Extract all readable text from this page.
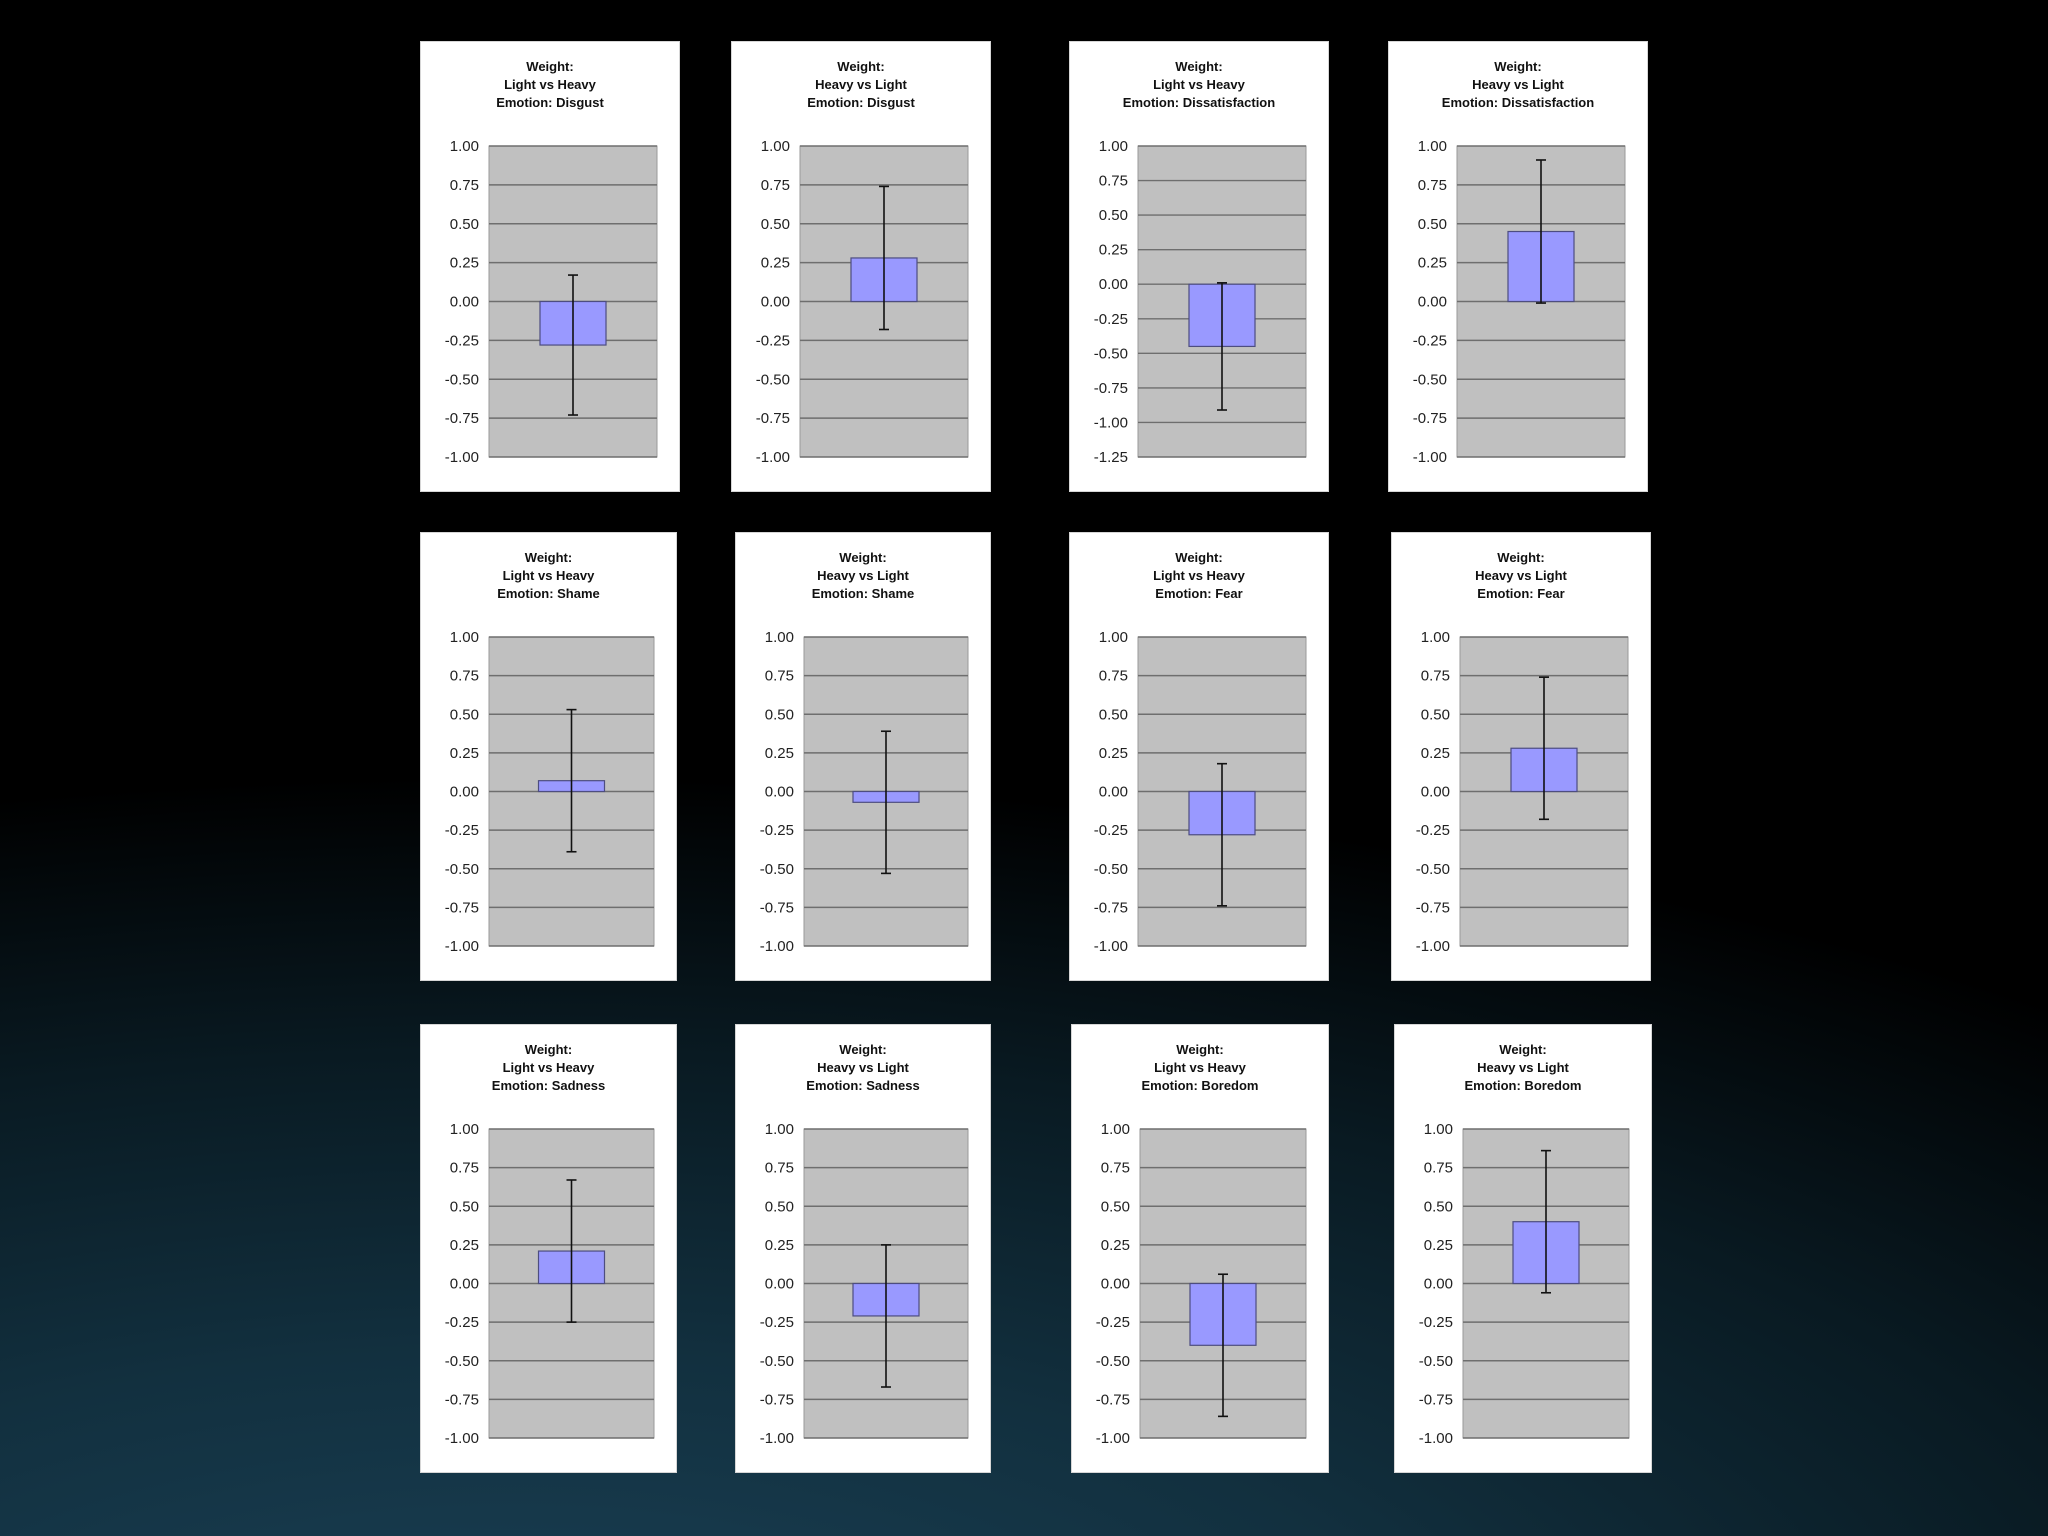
Weight:
Light vs Heavy
Emotion: Disgust
1.00
0.75
0.50
0.25
0.00
-0.25
-0.50
-0.75
-1.00
Weight:
Heavy vs Light
Emotion: Disgust
1.00
0.75
0.50
0.25
0.00
-0.25
-0.50
-0.75
-1.00
Weight:
Light vs Heavy
Emotion: Dissatisfaction
1.00
0.75
0.50
0.25
0.00
-0.25
-0.50
-0.75
-1.00
-1.25
Weight:
Heavy vs Light
Emotion: Dissatisfaction
1.00
0.75
0.50
0.25
0.00
-0.25
-0.50
-0.75
-1.00
Weight:
Light vs Heavy
Emotion: Shame
1.00
0.75
0.50
0.25
0.00
-0.25
-0.50
-0.75
-1.00
Weight:
Heavy vs Light
Emotion: Shame
1.00
0.75
0.50
0.25
0.00
-0.25
-0.50
-0.75
-1.00
Weight:
Light vs Heavy
Emotion: Fear
1.00
0.75
0.50
0.25
0.00
-0.25
-0.50
-0.75
-1.00
Weight:
Heavy vs Light
Emotion: Fear
1.00
0.75
0.50
0.25
0.00
-0.25
-0.50
-0.75
-1.00
Weight:
Light vs Heavy
Emotion: Sadness
1.00
0.75
0.50
0.25
0.00
-0.25
-0.50
-0.75
-1.00
Weight:
Heavy vs Light
Emotion: Sadness
1.00
0.75
0.50
0.25
0.00
-0.25
-0.50
-0.75
-1.00
Weight:
Light vs Heavy
Emotion: Boredom
1.00
0.75
0.50
0.25
0.00
-0.25
-0.50
-0.75
-1.00
Weight:
Heavy vs Light
Emotion: Boredom
1.00
0.75
0.50
0.25
0.00
-0.25
-0.50
-0.75
-1.00
